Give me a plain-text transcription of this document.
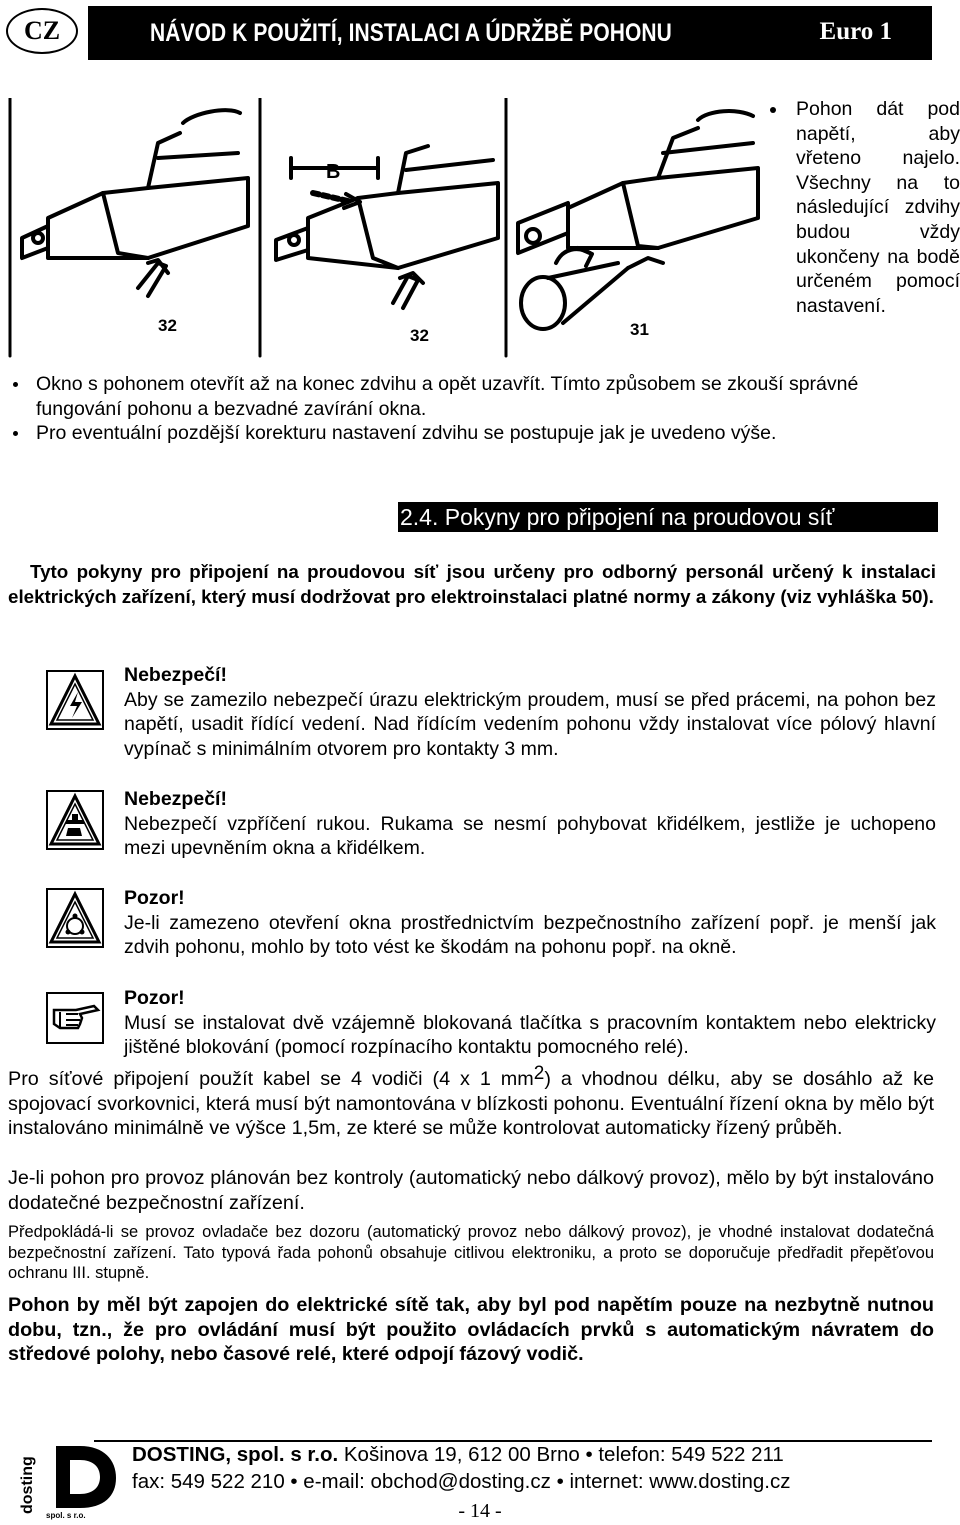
CZ	NÁVOD K POUŽITÍ, INSTALACI A ÚDRŽBĚ POHONU	Euro 1
32
32	31
B
Pohon dát pod napětí, aby vřeteno najelo. Všechny na to následující zdvihy budou vždy ukončeny na bodě určeném pomocí nastavení.
Okno s pohonem otevřít až na konec zdvihu a opět uzavřít. Tímto způsobem se zkouší správné fungování pohonu a bezvadné zavírání okna.
Pro eventuální pozdější korekturu nastavení zdvihu se postupuje jak je uvedeno výše.
2.4. Pokyny pro připojení na proudovou síť
Tyto pokyny pro připojení na proudovou síť jsou určeny pro odborný personál určený k instalaci elektrických zařízení, který musí dodržovat pro elektroinstalaci platné normy a zákony (viz vyhláška 50).
Nebezpečí!
Aby se zamezilo nebezpečí úrazu elektrickým proudem, musí se před prácemi, na pohon bez napětí, usadit řídící vedení. Nad řídícím vedením pohonu vždy instalovat více pólový hlavní vypínač s minimálním otvorem pro kontakty 3 mm.
Nebezpečí!
Nebezpečí vzpříčení rukou. Rukama se nesmí pohybovat křidélkem, jestliže je uchopeno mezi upevněním okna a křidélkem.
Pozor!
Je-li zamezeno otevření okna prostřednictvím bezpečnostního zařízení popř. je menší jak zdvih pohonu, mohlo by toto vést ke škodám na pohonu popř. na okně.
Pozor!
Musí se instalovat dvě vzájemně blokovaná tlačítka s pracovním kontaktem nebo elektricky jištěné blokování (pomocí rozpínacího kontaktu pomocného relé).
Pro síťové připojení použít kabel se 4 vodiči (4 x 1 $mm^2$) a vhodnou délku, aby se dosáhlo až ke spojovací svorkovnici, která musí být namontována v blízkosti pohonu. Eventuální řízení okna by mělo být instalováno minimálně ve výšce 1,5m, ze které se může kontrolovat automaticky řízený průběh.
Je-li pohon pro provoz plánován bez kontroly (automatický nebo dálkový provoz), mělo by být instalováno dodatečné bezpečnostní zařízení.
Předpokládá-li se provoz ovladače bez dozoru (automatický provoz nebo dálkový provoz), je vhodné instalovat dodatečná bezpečnostní zařízení. Tato typová řada pohonů obsahuje citlivou elektroniku, a proto se doporučuje předřadit přepěťovou ochranu III. stupně.
Pohon by měl být zapojen do elektrické sítě tak, aby byl pod napětím pouze na nezbytně nutnou dobu, tzn., že pro ovládání musí být použito ovládacích prvků s automatickým návratem do středové polohy, nebo časové relé, které odpojí fázový vodič.
dosting
spol. s r.o.
DOSTING, spol. s r.o. Košinova 19, 612 00 Brno • telefon: 549 522 211
fax: 549 522 210 • e-mail: obchod@dosting.cz • internet: www.dosting.cz
- 14 -
